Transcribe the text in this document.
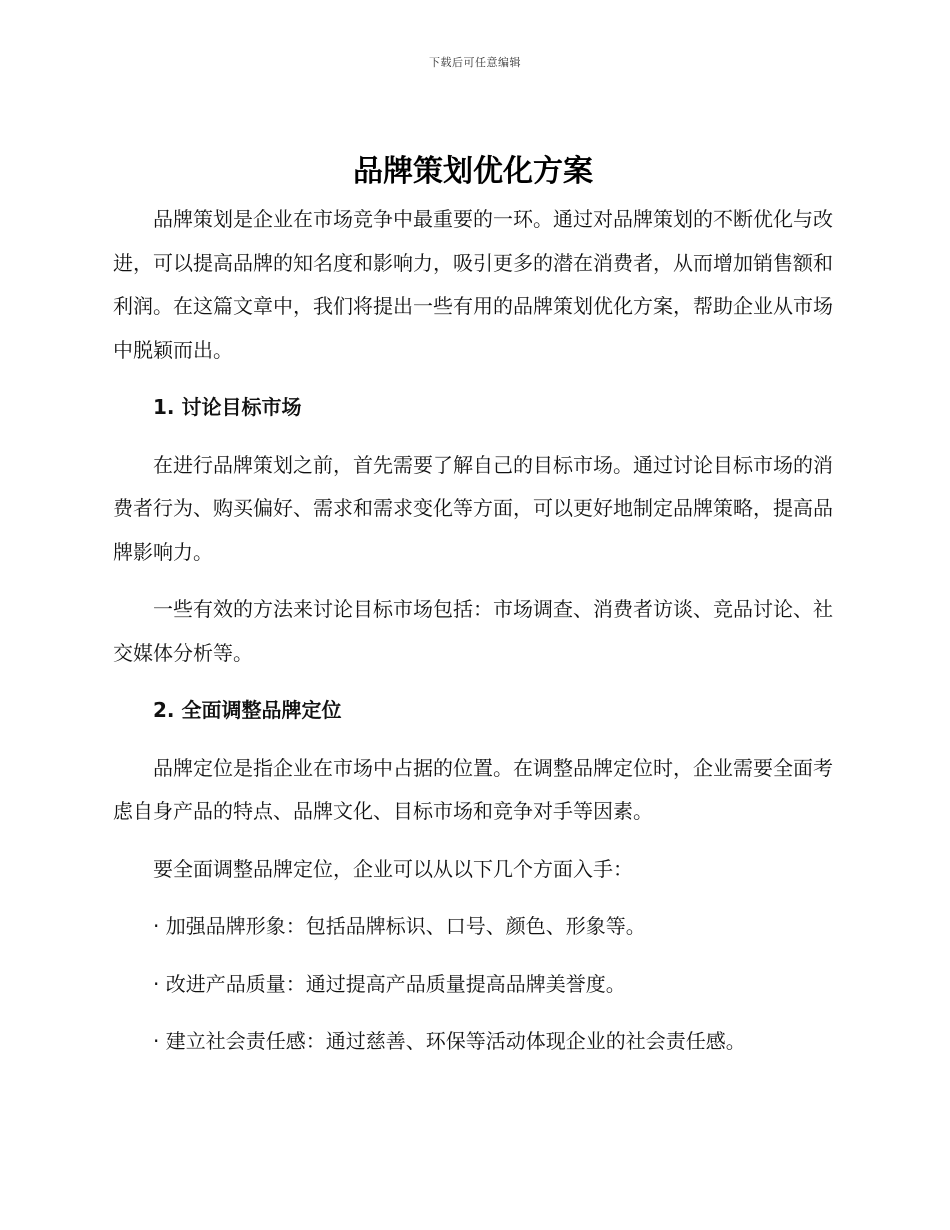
下载后可任意编辑
品牌策划优化方案

品牌策划是企业在市场竞争中最重要的一环。通过对品牌策划的不断优化与改进，可以提高品牌的知名度和影响力，吸引更多的潜在消费者，从而增加销售额和利润。在这篇文章中，我们将提出一些有用的品牌策划优化方案，帮助企业从市场中脱颖而出。

1. 讨论目标市场

在进行品牌策划之前，首先需要了解自己的目标市场。通过讨论目标市场的消费者行为、购买偏好、需求和需求变化等方面，可以更好地制定品牌策略，提高品牌影响力。

一些有效的方法来讨论目标市场包括：市场调查、消费者访谈、竞品讨论、社交媒体分析等。

2. 全面调整品牌定位

品牌定位是指企业在市场中占据的位置。在调整品牌定位时，企业需要全面考虑自身产品的特点、品牌文化、目标市场和竞争对手等因素。

要全面调整品牌定位，企业可以从以下几个方面入手：

· 加强品牌形象：包括品牌标识、口号、颜色、形象等。

· 改进产品质量：通过提高产品质量提高品牌美誉度。

· 建立社会责任感：通过慈善、环保等活动体现企业的社会责任感。
